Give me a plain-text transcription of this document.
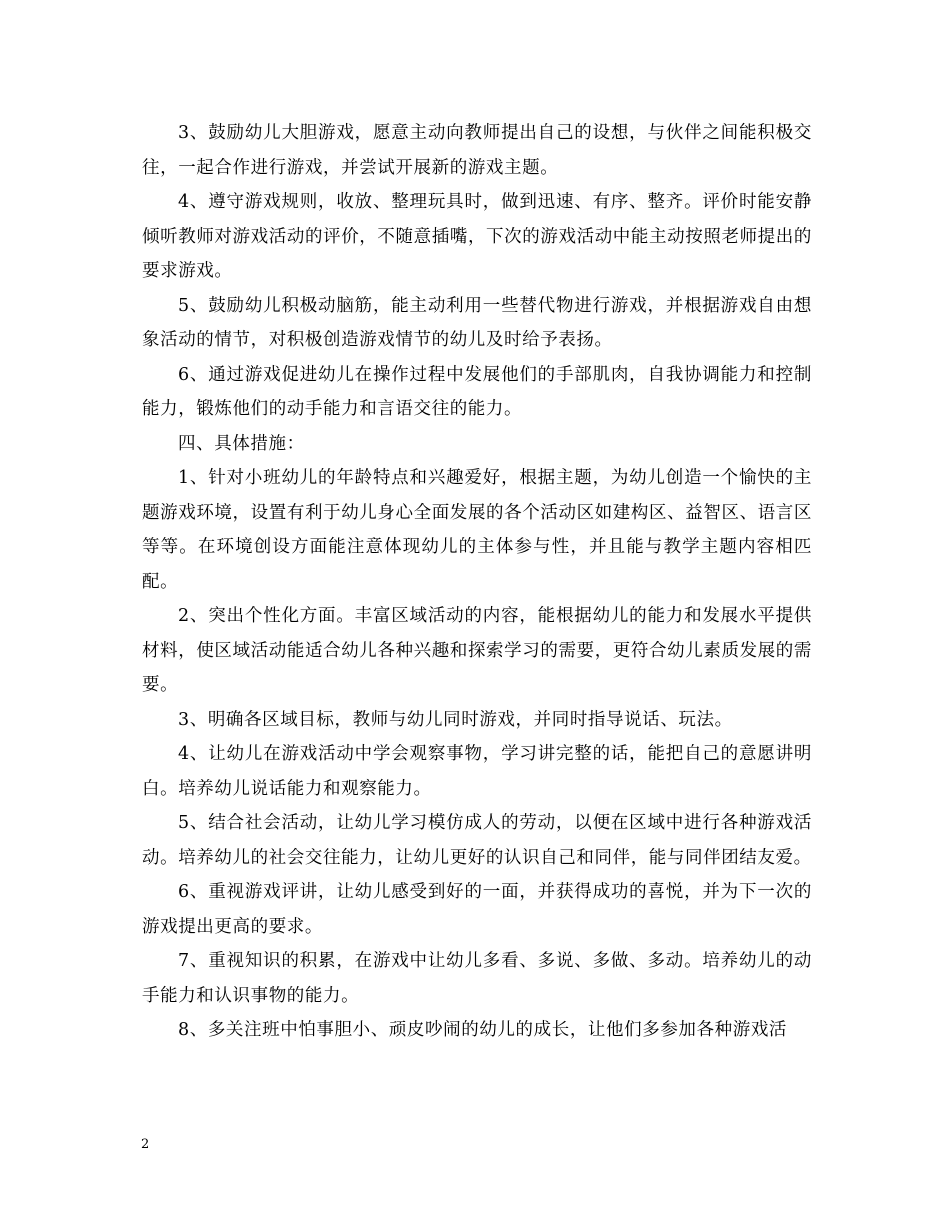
3、鼓励幼儿大胆游戏，愿意主动向教师提出自己的设想，与伙伴之间能积极交往，一起合作进行游戏，并尝试开展新的游戏主题。

4、遵守游戏规则，收放、整理玩具时，做到迅速、有序、整齐。评价时能安静倾听教师对游戏活动的评价，不随意插嘴，下次的游戏活动中能主动按照老师提出的要求游戏。

5、鼓励幼儿积极动脑筋，能主动利用一些替代物进行游戏，并根据游戏自由想象活动的情节，对积极创造游戏情节的幼儿及时给予表扬。

6、通过游戏促进幼儿在操作过程中发展他们的手部肌肉，自我协调能力和控制能力，锻炼他们的动手能力和言语交往的能力。

四、具体措施：

1、针对小班幼儿的年龄特点和兴趣爱好，根据主题，为幼儿创造一个愉快的主题游戏环境，设置有利于幼儿身心全面发展的各个活动区如建构区、益智区、语言区等等。在环境创设方面能注意体现幼儿的主体参与性，并且能与教学主题内容相匹配。

2、突出个性化方面。丰富区域活动的内容，能根据幼儿的能力和发展水平提供材料，使区域活动能适合幼儿各种兴趣和探索学习的需要，更符合幼儿素质发展的需要。

3、明确各区域目标，教师与幼儿同时游戏，并同时指导说话、玩法。

4、让幼儿在游戏活动中学会观察事物，学习讲完整的话，能把自己的意愿讲明白。培养幼儿说话能力和观察能力。

5、结合社会活动，让幼儿学习模仿成人的劳动，以便在区域中进行各种游戏活动。培养幼儿的社会交往能力，让幼儿更好的认识自己和同伴，能与同伴团结友爱。

6、重视游戏评讲，让幼儿感受到好的一面，并获得成功的喜悦，并为下一次的游戏提出更高的要求。

7、重视知识的积累，在游戏中让幼儿多看、多说、多做、多动。培养幼儿的动手能力和认识事物的能力。

8、多关注班中怕事胆小、顽皮吵闹的幼儿的成长，让他们多参加各种游戏活

2
